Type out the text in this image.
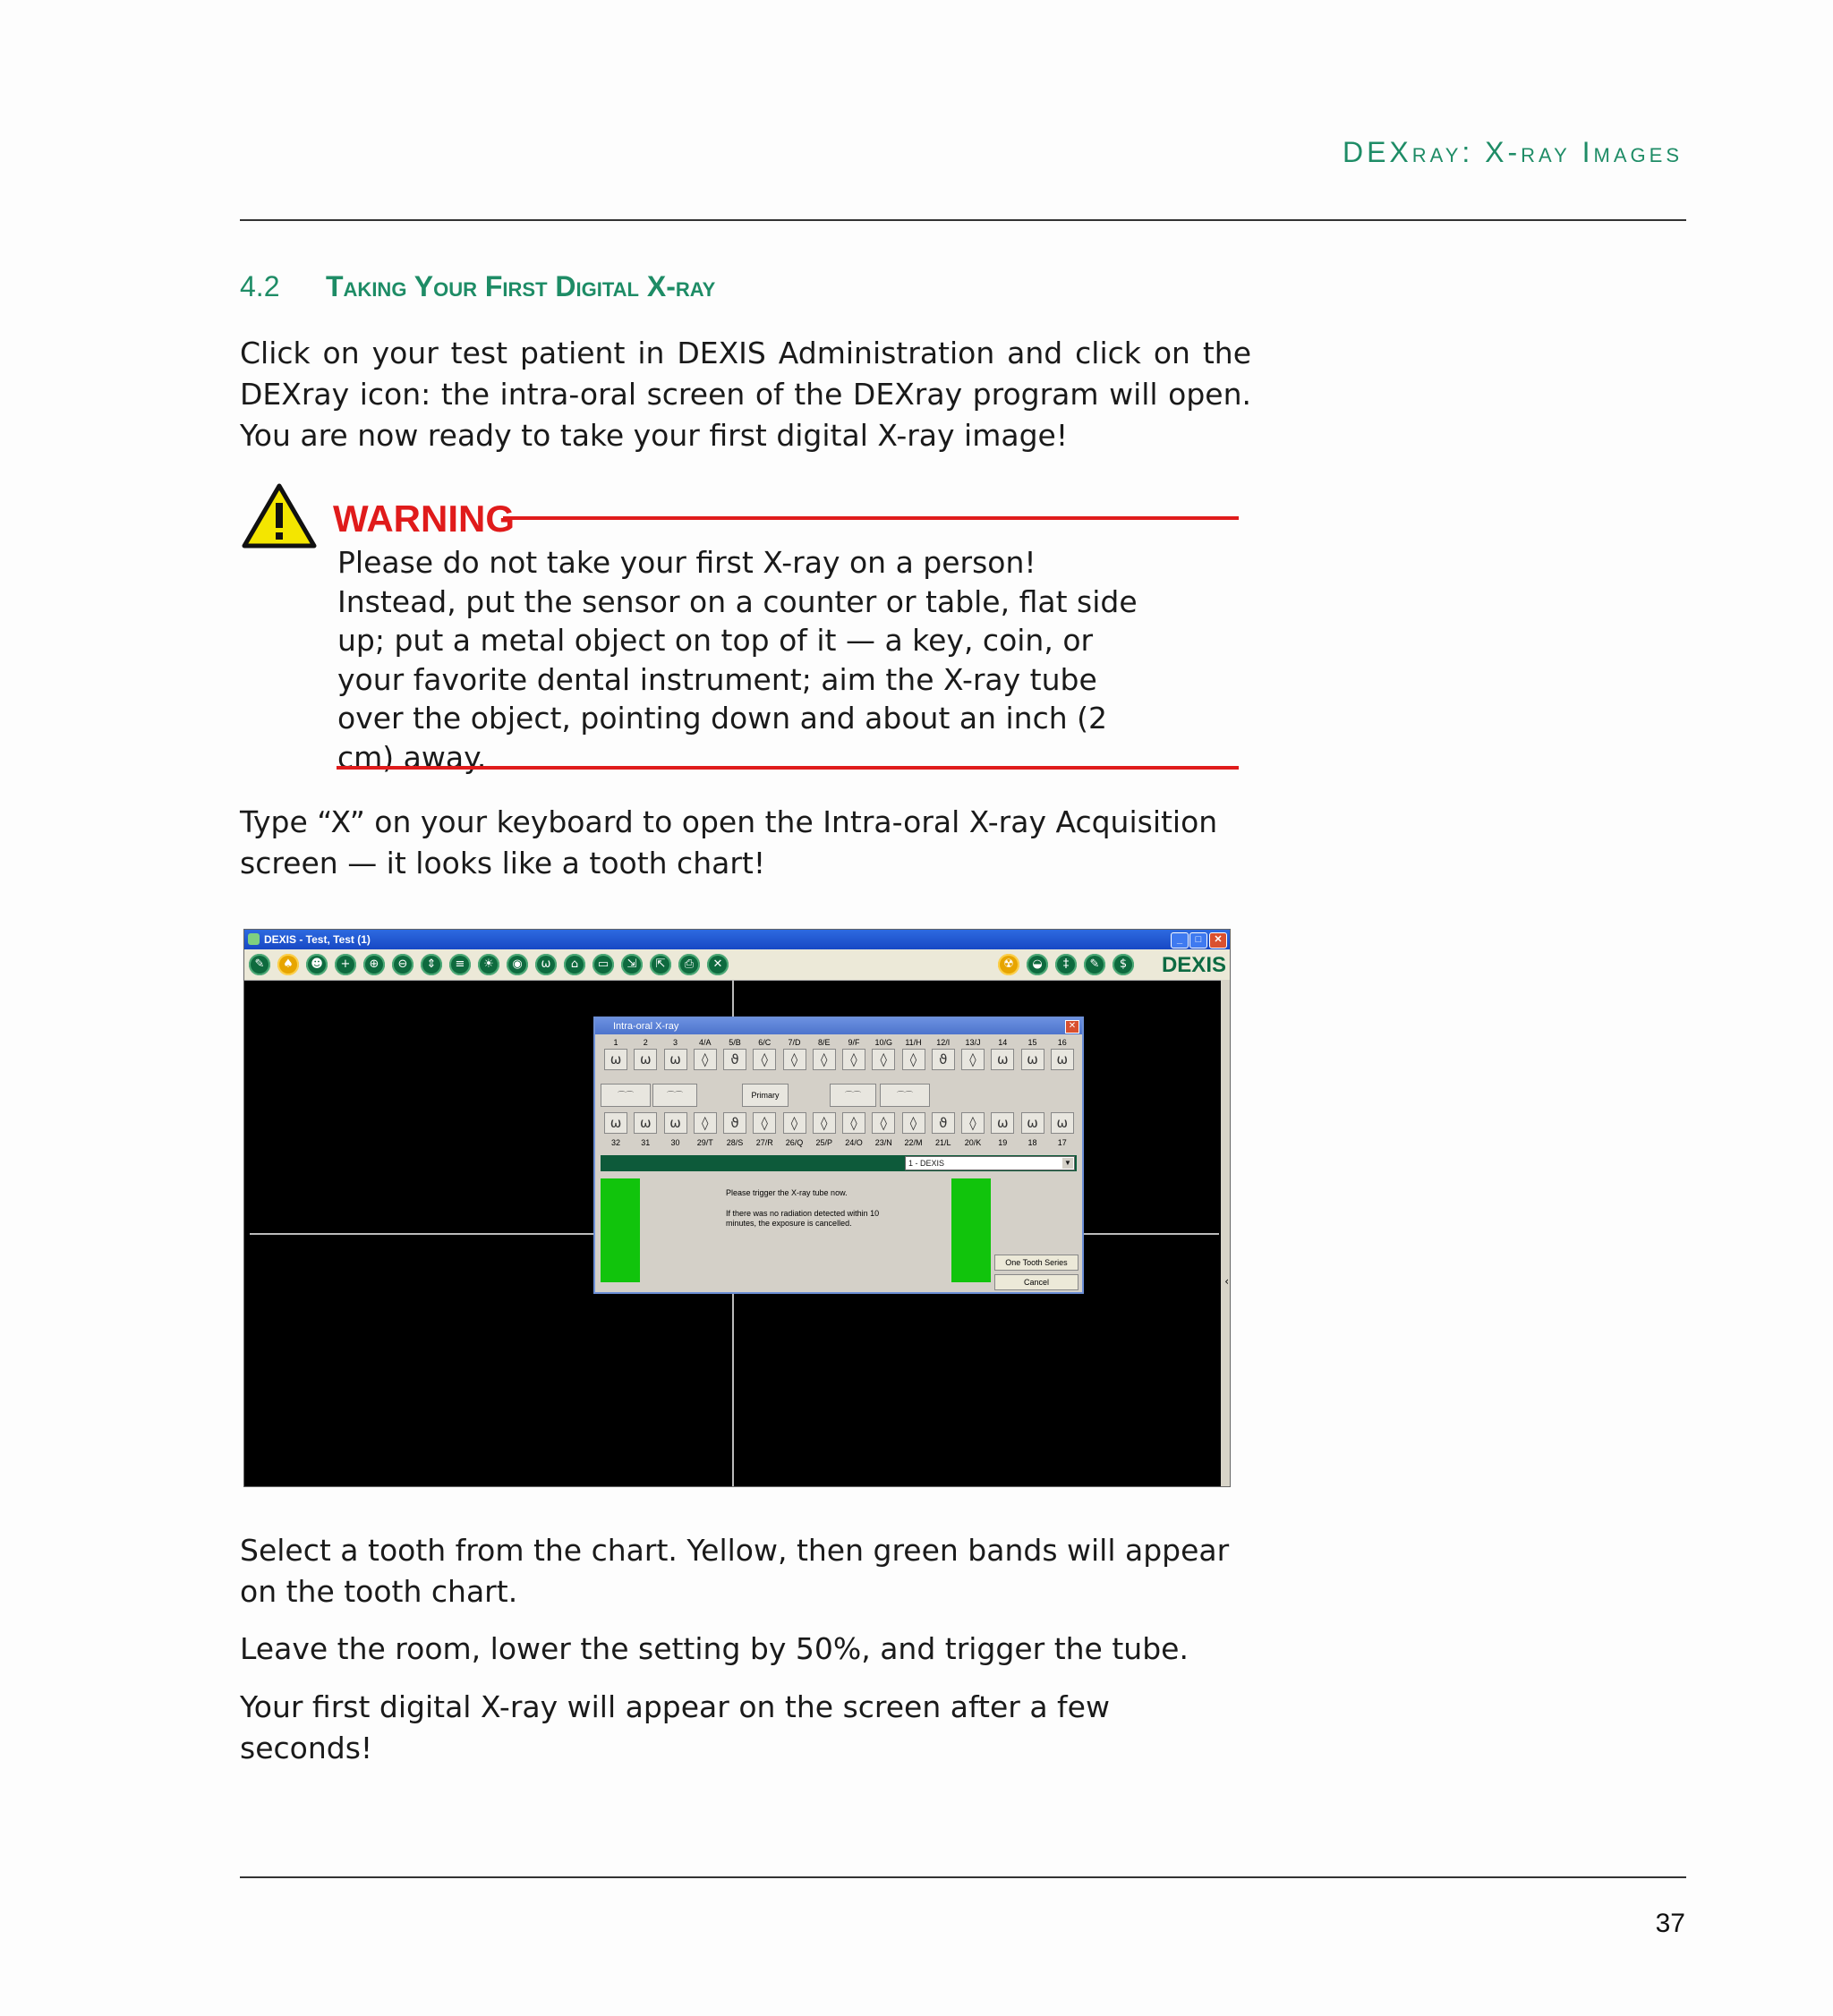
DEXray: X-ray Images
4.2 Taking Your First Digital X-ray

Click on your test patient in DEXIS Administration and click on the DEXray icon: the intra-oral screen of the DEXray program will open. You are now ready to take your first digital X-ray image!

WARNING

Please do not take your first X-ray on a person! Instead, put the sensor on a counter or table, flat side up; put a metal object on top of it — a key, coin, or your favorite dental instrument; aim the X-ray tube over the object, pointing down and about an inch (2 cm) away.

Type “X” on your keyboard to open the Intra-oral X-ray Acquisition screen — it looks like a tooth chart!

DEXIS - Test, Test (1)	_	□	✕
✎	♠	☻	+	⊕	⊖	⇕	≡	☀	◉	ω	⌂	▭	⇲	⇱	⎙	✕	☢	◒	‡	✎	$	DEXIS
‹
Intra-oral X-ray	✕
1	2	3	4/A	5/B	6/C	7/D	8/E	9/F	10/G	11/H	12/I	13/J	14	15	16
ω	ω	ω	◊	ϑ	◊	◊	◊	◊	◊	◊	ϑ	◊	ω	ω	ω
⌒⌒	⌒⌒	Primary	⌒⌒	⌒⌒
ω	ω	ω	◊	ϑ	◊	◊	◊	◊	◊	◊	ϑ	◊	ω	ω	ω
32	31	30	29/T	28/S	27/R	26/Q	25/P	24/O	23/N	22/M	21/L	20/K	19	18	17
1 - DEXIS	▼

Please trigger the X-ray tube now.

If there was no radiation detected within 10 minutes, the exposure is cancelled.

One Tooth Series
Cancel

Select a tooth from the chart. Yellow, then green bands will appear on the tooth chart.

Leave the room, lower the setting by 50%, and trigger the tube.

Your first digital X-ray will appear on the screen after a few seconds!

37
